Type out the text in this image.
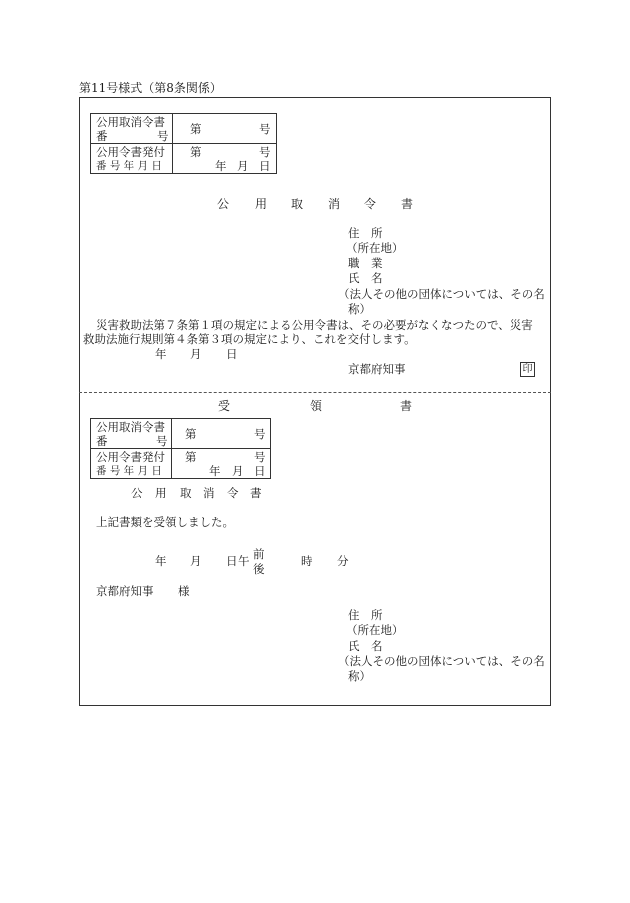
第11号様式（第8条関係）
公用取消令書
番 号	第 号

公用令書発付
番 号 年 月 日	第 号
年 月 日
公 用 取 消 令 書
住　所
（所在地）
職　業
氏　名
（法人その他の団体については、その名
称）
災害救助法第７条第１項の規定による公用令書は、その必要がなくなつたので、災害
救助法施行規則第４条第３項の規定により、これを交付します。
年 月 日
京都府知事	印
受	領	書
公用取消令書
番 号	第 号

公用令書発付
番 号 年 月 日	第 号
年 月 日
公 用 取 消 令 書
上記書類を受領しました。
年 月 日 午 前
後
時 分
京都府知事 様
住　所
（所在地）
氏　名
（法人その他の団体については、その名
称）
